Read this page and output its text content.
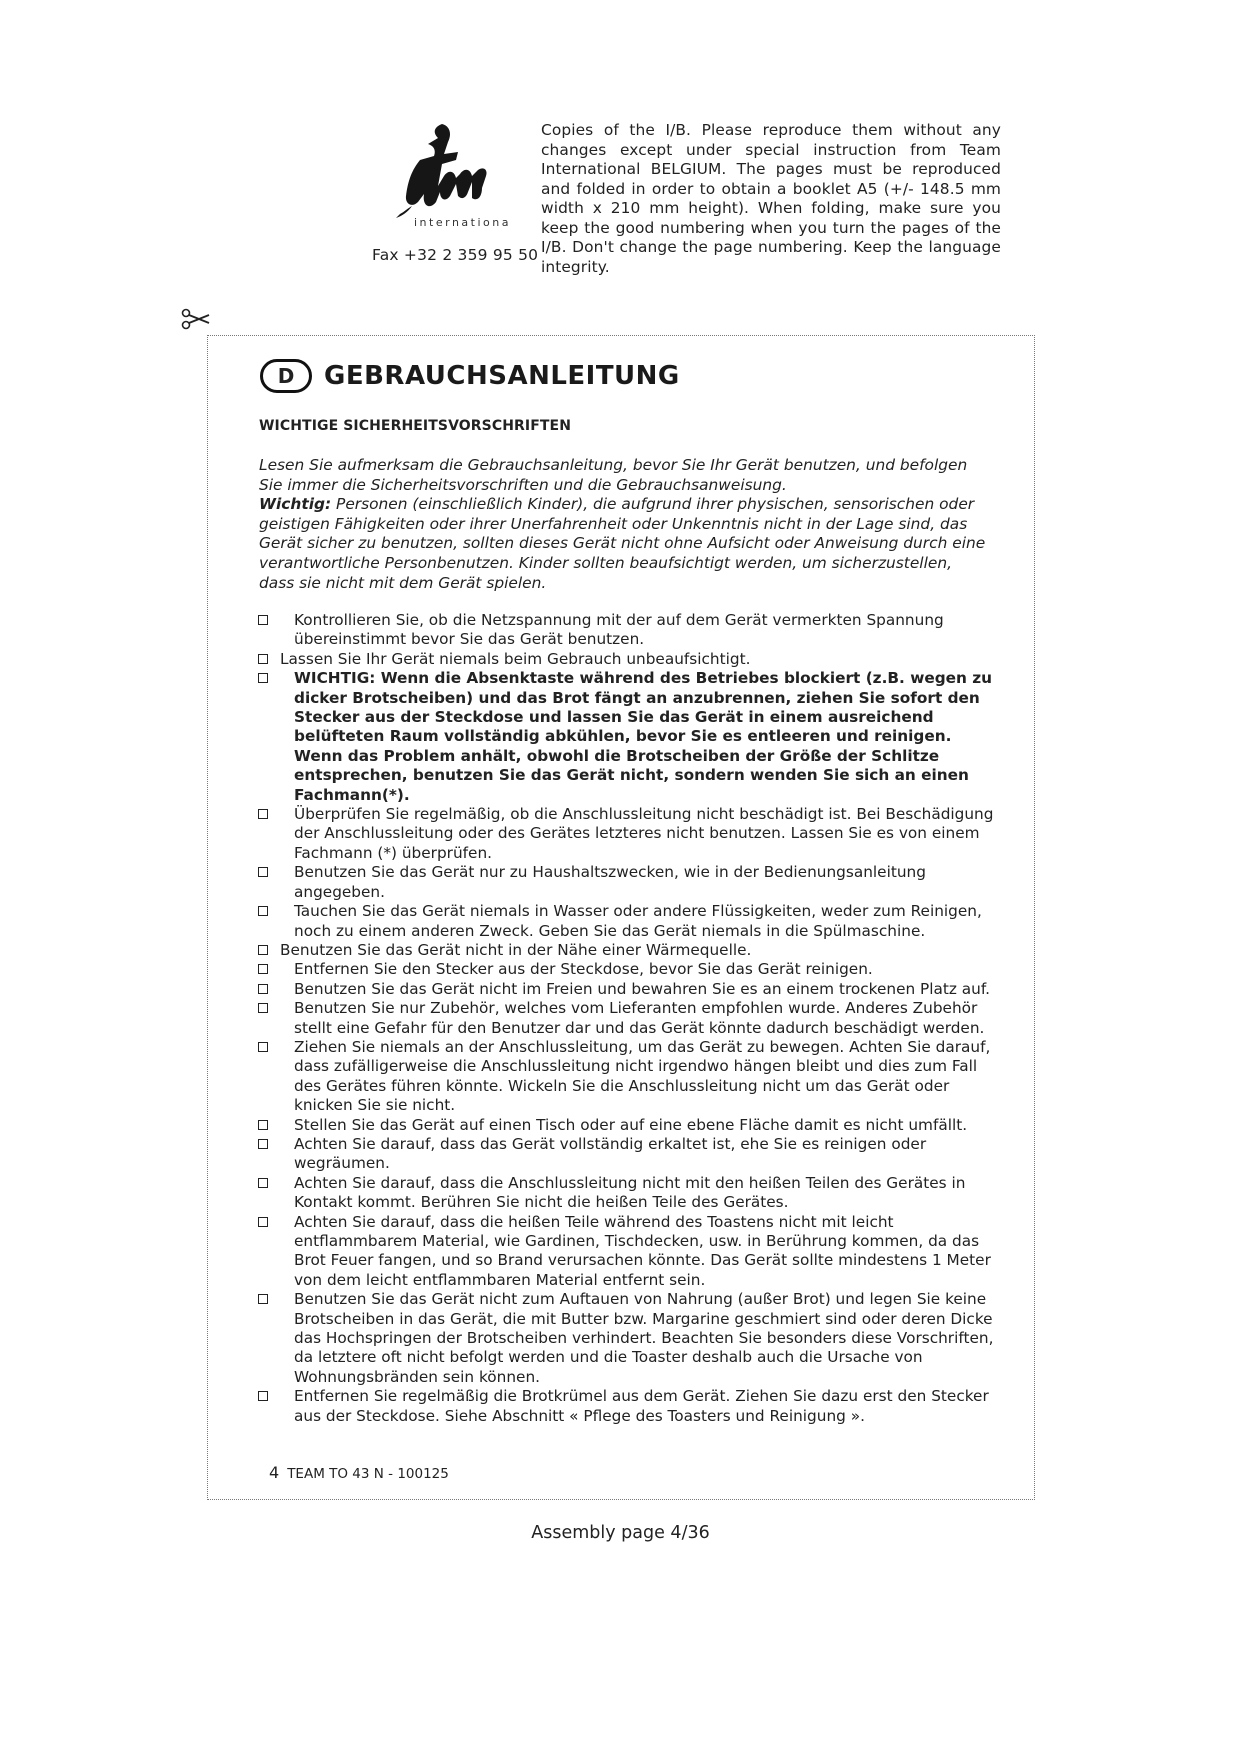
international
Fax +32 2 359 95 50
Copies of the I/B. Please reproduce them without any changes except under special instruction from Team International BELGIUM. The pages must be reproduced and folded in order to obtain a booklet A5 (+/- 148.5 mm width x 210 mm height). When folding, make sure you keep the good numbering when you turn the pages of the I/B. Don't change the page numbering. Keep the language integrity.
D	GEBRAUCHSANLEITUNG
WICHTIGE SICHERHEITSVORSCHRIFTEN
Lesen Sie aufmerksam die Gebrauchsanleitung, bevor Sie Ihr Gerät benutzen, und befolgen Sie immer die Sicherheitsvorschriften und die Gebrauchsanweisung.
Wichtig: Personen (einschließlich Kinder), die aufgrund ihrer physischen, sensorischen oder geistigen Fähigkeiten oder ihrer Unerfahrenheit oder Unkenntnis nicht in der Lage sind, das Gerät sicher zu benutzen, sollten dieses Gerät nicht ohne Aufsicht oder Anweisung durch eine verantwortliche Personbenutzen. Kinder sollten beaufsichtigt werden, um sicherzustellen, dass sie nicht mit dem Gerät spielen.
Kontrollieren Sie, ob die Netzspannung mit der auf dem Gerät vermerkten Spannung übereinstimmt bevor Sie das Gerät benutzen.
Lassen Sie Ihr Gerät niemals beim Gebrauch unbeaufsichtigt.
WICHTIG: Wenn die Absenktaste während des Betriebes blockiert (z.B. wegen zu dicker Brotscheiben) und das Brot fängt an anzubrennen, ziehen Sie sofort den Stecker aus der Steckdose und lassen Sie das Gerät in einem ausreichend belüfteten Raum vollständig abkühlen, bevor Sie es entleeren und reinigen. Wenn das Problem anhält, obwohl die Brotscheiben der Größe der Schlitze entsprechen, benutzen Sie das Gerät nicht, sondern wenden Sie sich an einen Fachmann(*).
Überprüfen Sie regelmäßig, ob die Anschlussleitung nicht beschädigt ist. Bei Beschädigung der Anschlussleitung oder des Gerätes letzteres nicht benutzen. Lassen Sie es von einem Fachmann (*) überprüfen.
Benutzen Sie das Gerät nur zu Haushaltszwecken, wie in der Bedienungsanleitung angegeben.
Tauchen Sie das Gerät niemals in Wasser oder andere Flüssigkeiten, weder zum Reinigen, noch zu einem anderen Zweck. Geben Sie das Gerät niemals in die Spülmaschine.
Benutzen Sie das Gerät nicht in der Nähe einer Wärmequelle.
Entfernen Sie den Stecker aus der Steckdose, bevor Sie das Gerät reinigen.
Benutzen Sie das Gerät nicht im Freien und bewahren Sie es an einem trockenen Platz auf.
Benutzen Sie nur Zubehör, welches vom Lieferanten empfohlen wurde. Anderes Zubehör stellt eine Gefahr für den Benutzer dar und das Gerät könnte dadurch beschädigt werden.
Ziehen Sie niemals an der Anschlussleitung, um das Gerät zu bewegen. Achten Sie darauf, dass zufälligerweise die Anschlussleitung nicht irgendwo hängen bleibt und dies zum Fall des Gerätes führen könnte. Wickeln Sie die Anschlussleitung nicht um das Gerät oder knicken Sie sie nicht.
Stellen Sie das Gerät auf einen Tisch oder auf eine ebene Fläche damit es nicht umfällt.
Achten Sie darauf, dass das Gerät vollständig erkaltet ist, ehe Sie es reinigen oder wegräumen.
Achten Sie darauf, dass die Anschlussleitung nicht mit den heißen Teilen des Gerätes in Kontakt kommt. Berühren Sie nicht die heißen Teile des Gerätes.
Achten Sie darauf, dass die heißen Teile während des Toastens nicht mit leicht entflammbarem Material, wie Gardinen, Tischdecken, usw. in Berührung kommen, da das Brot Feuer fangen, und so Brand verursachen könnte. Das Gerät sollte mindestens 1 Meter von dem leicht entflammbaren Material entfernt sein.
Benutzen Sie das Gerät nicht zum Auftauen von Nahrung (außer Brot) und legen Sie keine Brotscheiben in das Gerät, die mit Butter bzw. Margarine geschmiert sind oder deren Dicke das Hochspringen der Brotscheiben verhindert. Beachten Sie besonders diese Vorschriften, da letztere oft nicht befolgt werden und die Toaster deshalb auch die Ursache von Wohnungsbränden sein können.
Entfernen Sie regelmäßig die Brotkrümel aus dem Gerät. Ziehen Sie dazu erst den Stecker aus der Steckdose. Siehe Abschnitt « Pflege des Toasters und Reinigung ».
4 TEAM TO 43 N - 100125
Assembly page 4/36
